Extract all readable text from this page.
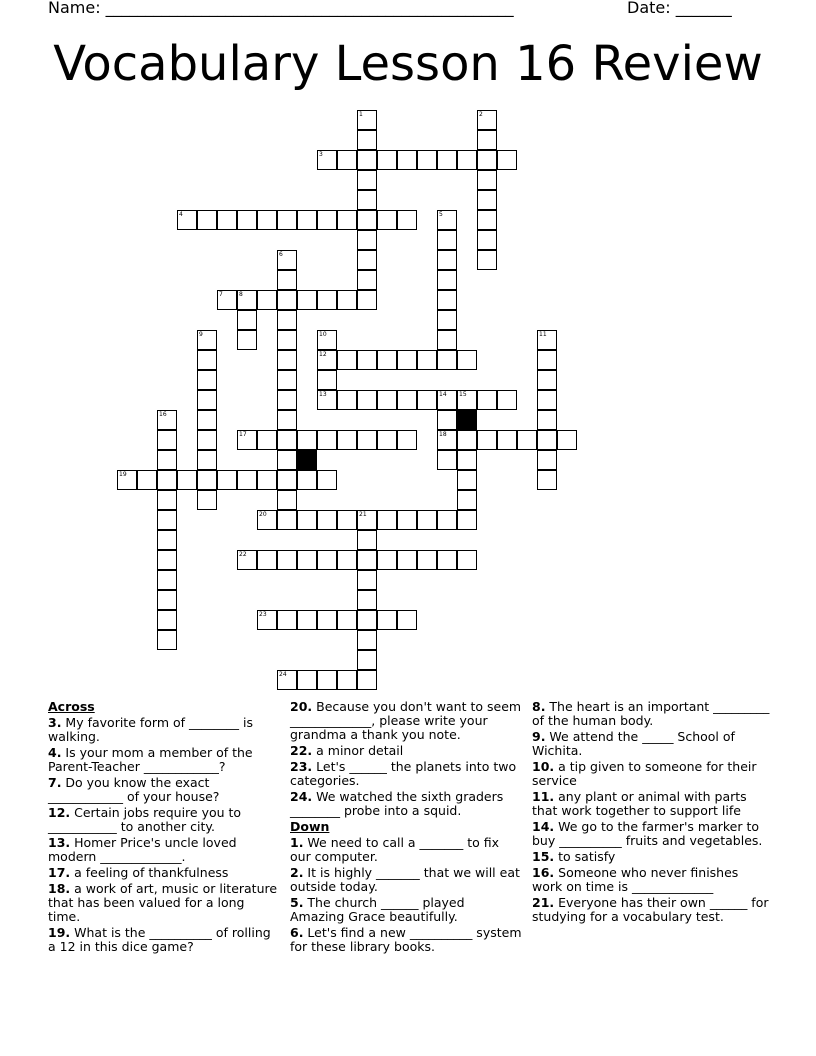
Name: ___________________________________________________	Date: _______
Vocabulary Lesson 16 Review
1	2
3
4	5
6
7	8
9	10	11
12
13	14 15
16
17	18
19
20	21
22
23
24
Across
3. My favorite form of ________ is walking.
4. Is your mom a member of the Parent-Teacher ____________?
7. Do you know the exact ____________ of your house?
12. Certain jobs require you to ___________ to another city.
13. Homer Price's uncle loved modern _____________.
17. a feeling of thankfulness
18. a work of art, music or literature that has been valued for a long time.
19. What is the __________ of rolling a 12 in this dice game?
20. Because you don't want to seem _____________, please write your grandma a thank you note.
22. a minor detail
23. Let's ______ the planets into two categories.
24. We watched the sixth graders ________ probe into a squid.
Down
1. We need to call a _______ to fix our computer.
2. It is highly _______ that we will eat outside today.
5. The church ______ played Amazing Grace beautifully.
6. Let's find a new __________ system for these library books.
8. The heart is an important _________ of the human body.
9. We attend the _____ School of Wichita.
10. a tip given to someone for their service
11. any plant or animal with parts that work together to support life
14. We go to the farmer's marker to buy __________ fruits and vegetables.
15. to satisfy
16. Someone who never finishes work on time is _____________
21. Everyone has their own ______ for studying for a vocabulary test.
